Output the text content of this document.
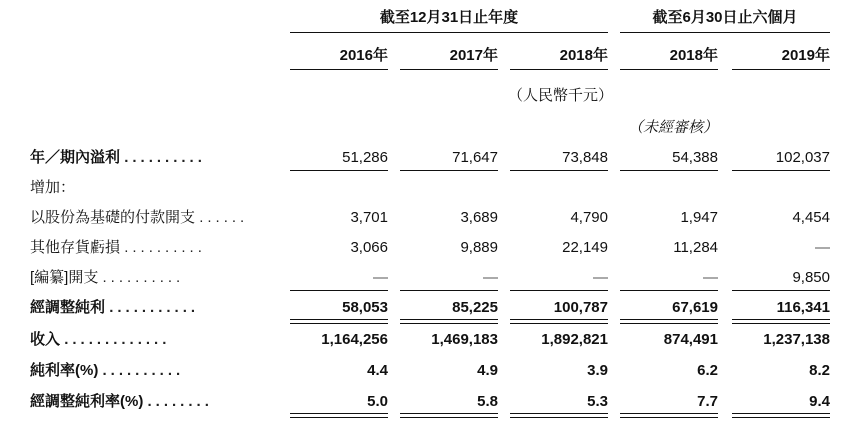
截至12月31日止年度	截至6月30日止六個月
2016年	2017年	2018年	2018年	2019年
（人民幣千元）
（未經審核）
年／期內溢利 ..........	51,286	71,647	73,848	54,388	102,037
增加：
以股份為基礎的付款開支 ......	3,701	3,689	4,790	1,947	4,454
其他存貨虧損 ..........	3,066	9,889	22,149	11,284	—
[編纂]開支 ..........	—	—	—	—	9,850
經調整純利 ...........	58,053	85,225	100,787	67,619	116,341
收入 .............	1,164,256	1,469,183	1,892,821	874,491	1,237,138
純利率(%) ..........	4.4	4.9	3.9	6.2	8.2
經調整純利率(%) ........	5.0	5.8	5.3	7.7	9.4
